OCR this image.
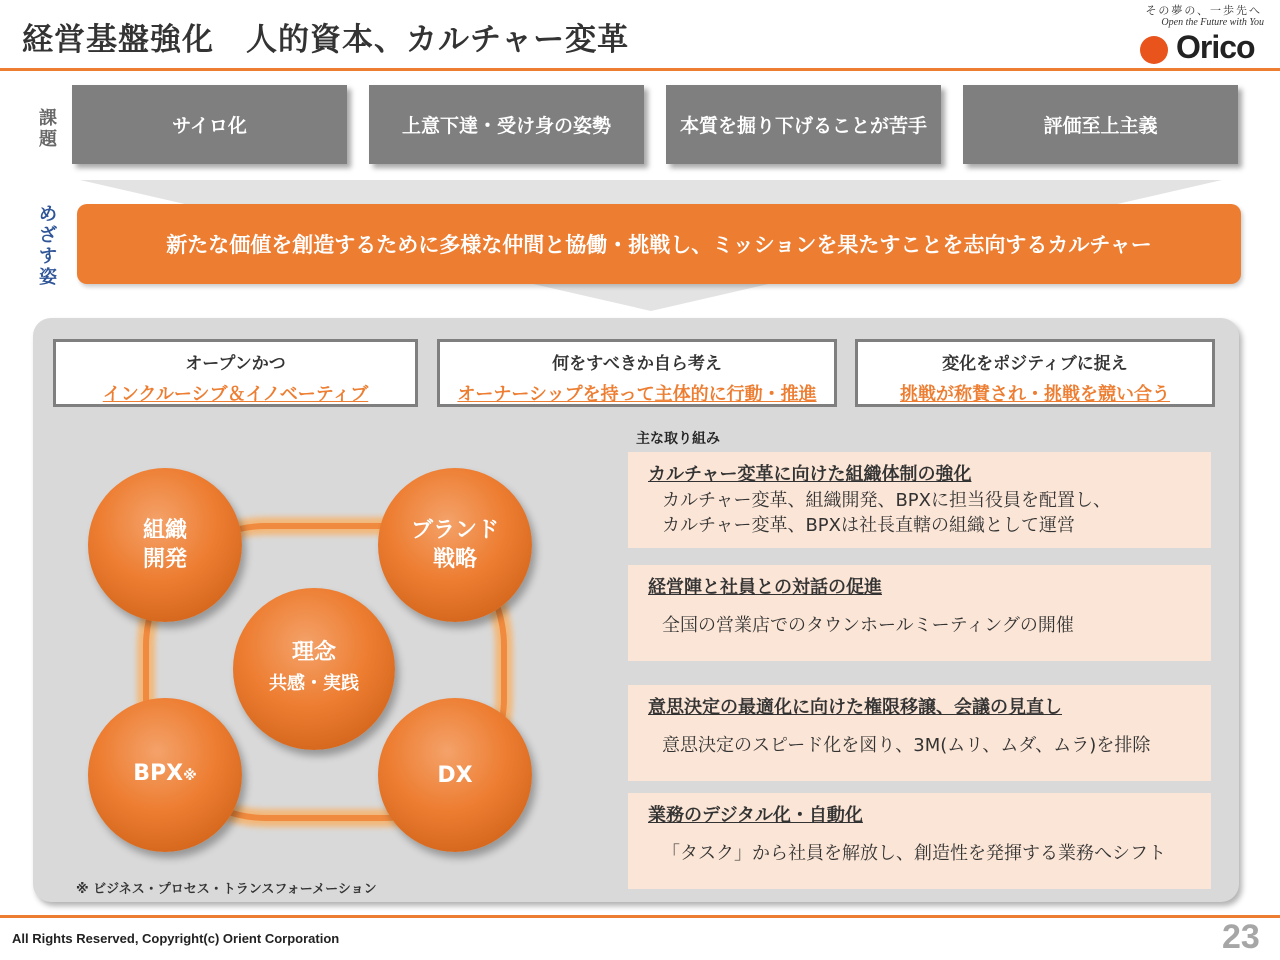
経営基盤強化　人的資本、カルチャー変革
その夢の、一歩先へ
Open the Future with You
Orico
課題
めざす姿
サイロ化	上意下達・受け身の姿勢	本質を掘り下げることが苦手	評価至上主義
新たな価値を創造するために多様な仲間と協働・挑戦し、ミッションを果たすことを志向するカルチャー
オープンかつ
インクルーシブ＆イノベーティブ
何をすべきか自ら考え
オーナーシップを持って主体的に行動・推進
変化をポジティブに捉え
挑戦が称賛され・挑戦を競い合う
組織
開発
ブランド
戦略
理念
共感・実践
BPX※	DX
※ ビジネス・プロセス・トランスフォーメーション
主な取り組み
カルチャー変革に向けた組織体制の強化
カルチャー変革、組織開発、BPXに担当役員を配置し、
カルチャー変革、BPXは社長直轄の組織として運営
経営陣と社員との対話の促進
全国の営業店でのタウンホールミーティングの開催
意思決定の最適化に向けた権限移譲、会議の見直し
意思決定のスピード化を図り、3M(ムリ、ムダ、ムラ)を排除
業務のデジタル化・自動化
「タスク」から社員を解放し、創造性を発揮する業務へシフト
All Rights Reserved, Copyright(c) Orient Corporation	23
